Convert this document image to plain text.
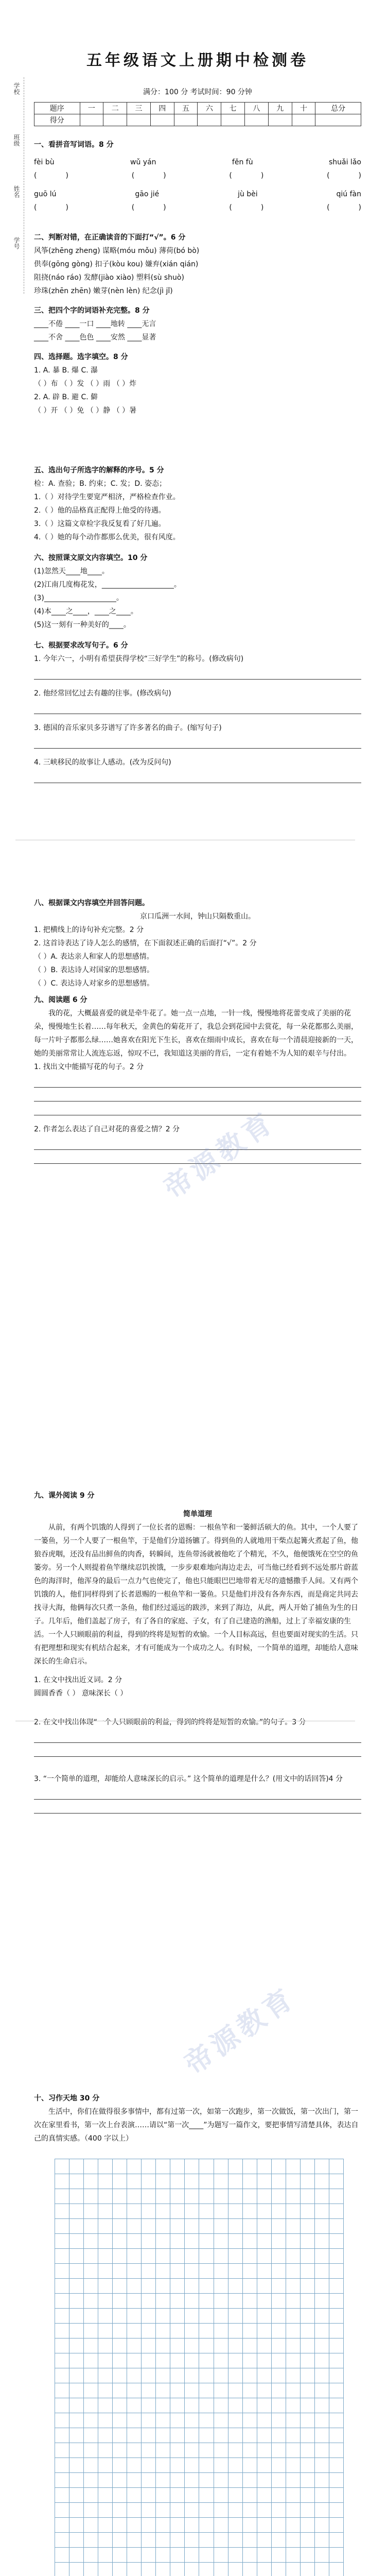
学校
班级
姓名
学号
五年级语文上册期中检测卷
满分：100 分 考试时间：90 分钟
题序	一	二	三	四	五	六	七	八	九	十	总分
得分											
一、看拼音写词语。8 分
fèi bù	wǔ yán	fěn fù	shuǎi lǎo
(　　　　)	(　　　　)	(　　　　)	(　　　　)
guō lú	gāo jié	jù bèi	qiú fàn
(　　　　)	(　　　　)	(　　　　)	(　　　　)
二、判断对错，在正确读音的下面打“√”。6 分

风筝(zhēng zheng) 谋略(móu mǒu) 薄荷(bó bò)

供奉(gōng gòng) 扣子(kòu kou) 嫌弃(xián qián)

阻挠(náo ráo) 发酵(jiào xiào) 塑料(sù shuò)

珍珠(zhēn zhēn) 嫩芽(nèn lèn) 纪念(jì jǐ)

三、把四个字的词语补充完整。8 分

____不倦 ____一口 ____地转 ____无言

____不舍 ____色色 ____安然 ____显著

四、选择题。选字填空。8 分

1. A. 暴 B. 爆 C. 瀑

（ ）布 （ ）发 （ ）雨 （ ）炸

2. A. 辟 B. 避 C. 僻

（ ）开 （ ）免 （ ）静 （ ）暑

五、选出句子所选字的解释的序号。5 分

检：A. 查验；B. 约束；C. 发；D. 姿态；

1.（ ）对待学生要宽严相济，严格检查作业。

2.（ ）他的品格真正配得上他受的待遇。

3.（ ）这篇文章检字我反复看了好几遍。

4.（ ）她的每个动作都那么优美，很有风度。

六、按照课文原文内容填空。10 分

(1)忽然天____地____。

(2)江南几度梅花发，____________________。

(3)____________________。

(4)本____之____，____之____。

(5)这一刻有一种美好的____。

七、根据要求改写句子。6 分

1. 今年六一，小明有希望获得学校“三好学生”的称号。(修改病句)

2. 他经常回忆过去有趣的往事。(修改病句)

3. 德国的音乐家贝多芬谱写了许多著名的曲子。(缩写句子)

4. 三峡移民的故事让人感动。(改为反问句)

八、根据课文内容填空并回答问题。

京口瓜洲一水间，钟山只隔数重山。

1. 把横线上的诗句补充完整。2 分

2. 这首诗表达了诗人怎么的感情，在下面叙述正确的后面打“√”。2 分

（ ）A. 表达亲人和家人的思想感情。

（ ）B. 表达诗人对国家的思想感情。

（ ）C. 表达诗人对家乡的思想感情。

九、阅读题 6 分

我的花，大概最喜爱的就是牵牛花了。她一点一点地，一针一线，慢慢地将花蕾变成了美丽的花朵，慢慢地生长着……每年秋天，金黄色的菊花开了，我总会到花园中去赏花，每一朵花都那么美丽，每一片叶子都那么绿……她喜欢在阳光下生长，喜欢在细雨中成长，喜欢在每一个清晨迎接新的一天，她的美丽常常让人流连忘返，惊叹不已，我知道这美丽的背后，一定有着她不为人知的艰辛与付出。

1. 找出文中能描写花的句子。2 分

2. 作者怎么表达了自己对花的喜爱之情？2 分

九、课外阅读 9 分

简单道理

从前，有两个饥饿的人得到了一位长者的恩赐：一根鱼竿和一篓鲜活硕大的鱼。其中，一个人要了一篓鱼，另一个人要了一根鱼竿，于是他们分道扬镳了。得到鱼的人就地用干柴点起篝火煮起了鱼，他狼吞虎咽，还没有品出鲜鱼的肉香，转瞬间，连鱼带汤就被他吃了个精光，不久，他便饿死在空空的鱼篓旁。另一个人则提着鱼竿继续忍饥挨饿，一步步艰难地向海边走去，可当他已经看到不远处那片蔚蓝色的海洋时，他浑身的最后一点力气也使完了，他也只能眼巴巴地带着无尽的遗憾撒手人间。又有两个饥饿的人，他们同样得到了长者恩赐的一根鱼竿和一篓鱼。只是他们并没有各奔东西，而是商定共同去找寻大海，他俩每次只煮一条鱼，他们经过遥远的跋涉，来到了海边，从此，两人开始了捕鱼为生的日子。几年后，他们盖起了房子，有了各自的家庭、子女，有了自己建造的渔船，过上了幸福安康的生活。一个人只顾眼前的利益，得到的终将是短暂的欢愉。一个人目标高远，但也要面对现实的生活。只有把理想和现实有机结合起来，才有可能成为一个成功之人。有时候，一个简单的道理，却能给人意味深长的生命启示。

1. 在文中找出近义词。2 分

圆圆香香（ ） 意味深长（ ）

2. 在文中找出体现“一个人只顾眼前的利益，得到的终将是短暂的欢愉。”的句子。3 分

3. “一个简单的道理，却能给人意味深长的启示。” 这个简单的道理是什么？(用文中的话回答)4 分

十、习作天地 30 分

生活中，你们在做得很多事情中，都有过第一次，如第一次跑步，第一次做饭，第一次出门，第一次在家里看书，第一次上台表演……请以“第一次____”为题写一篇作文，要把事情写清楚具体，表达自己的真情实感。（400 字以上）

帝源教育
帝源教育
